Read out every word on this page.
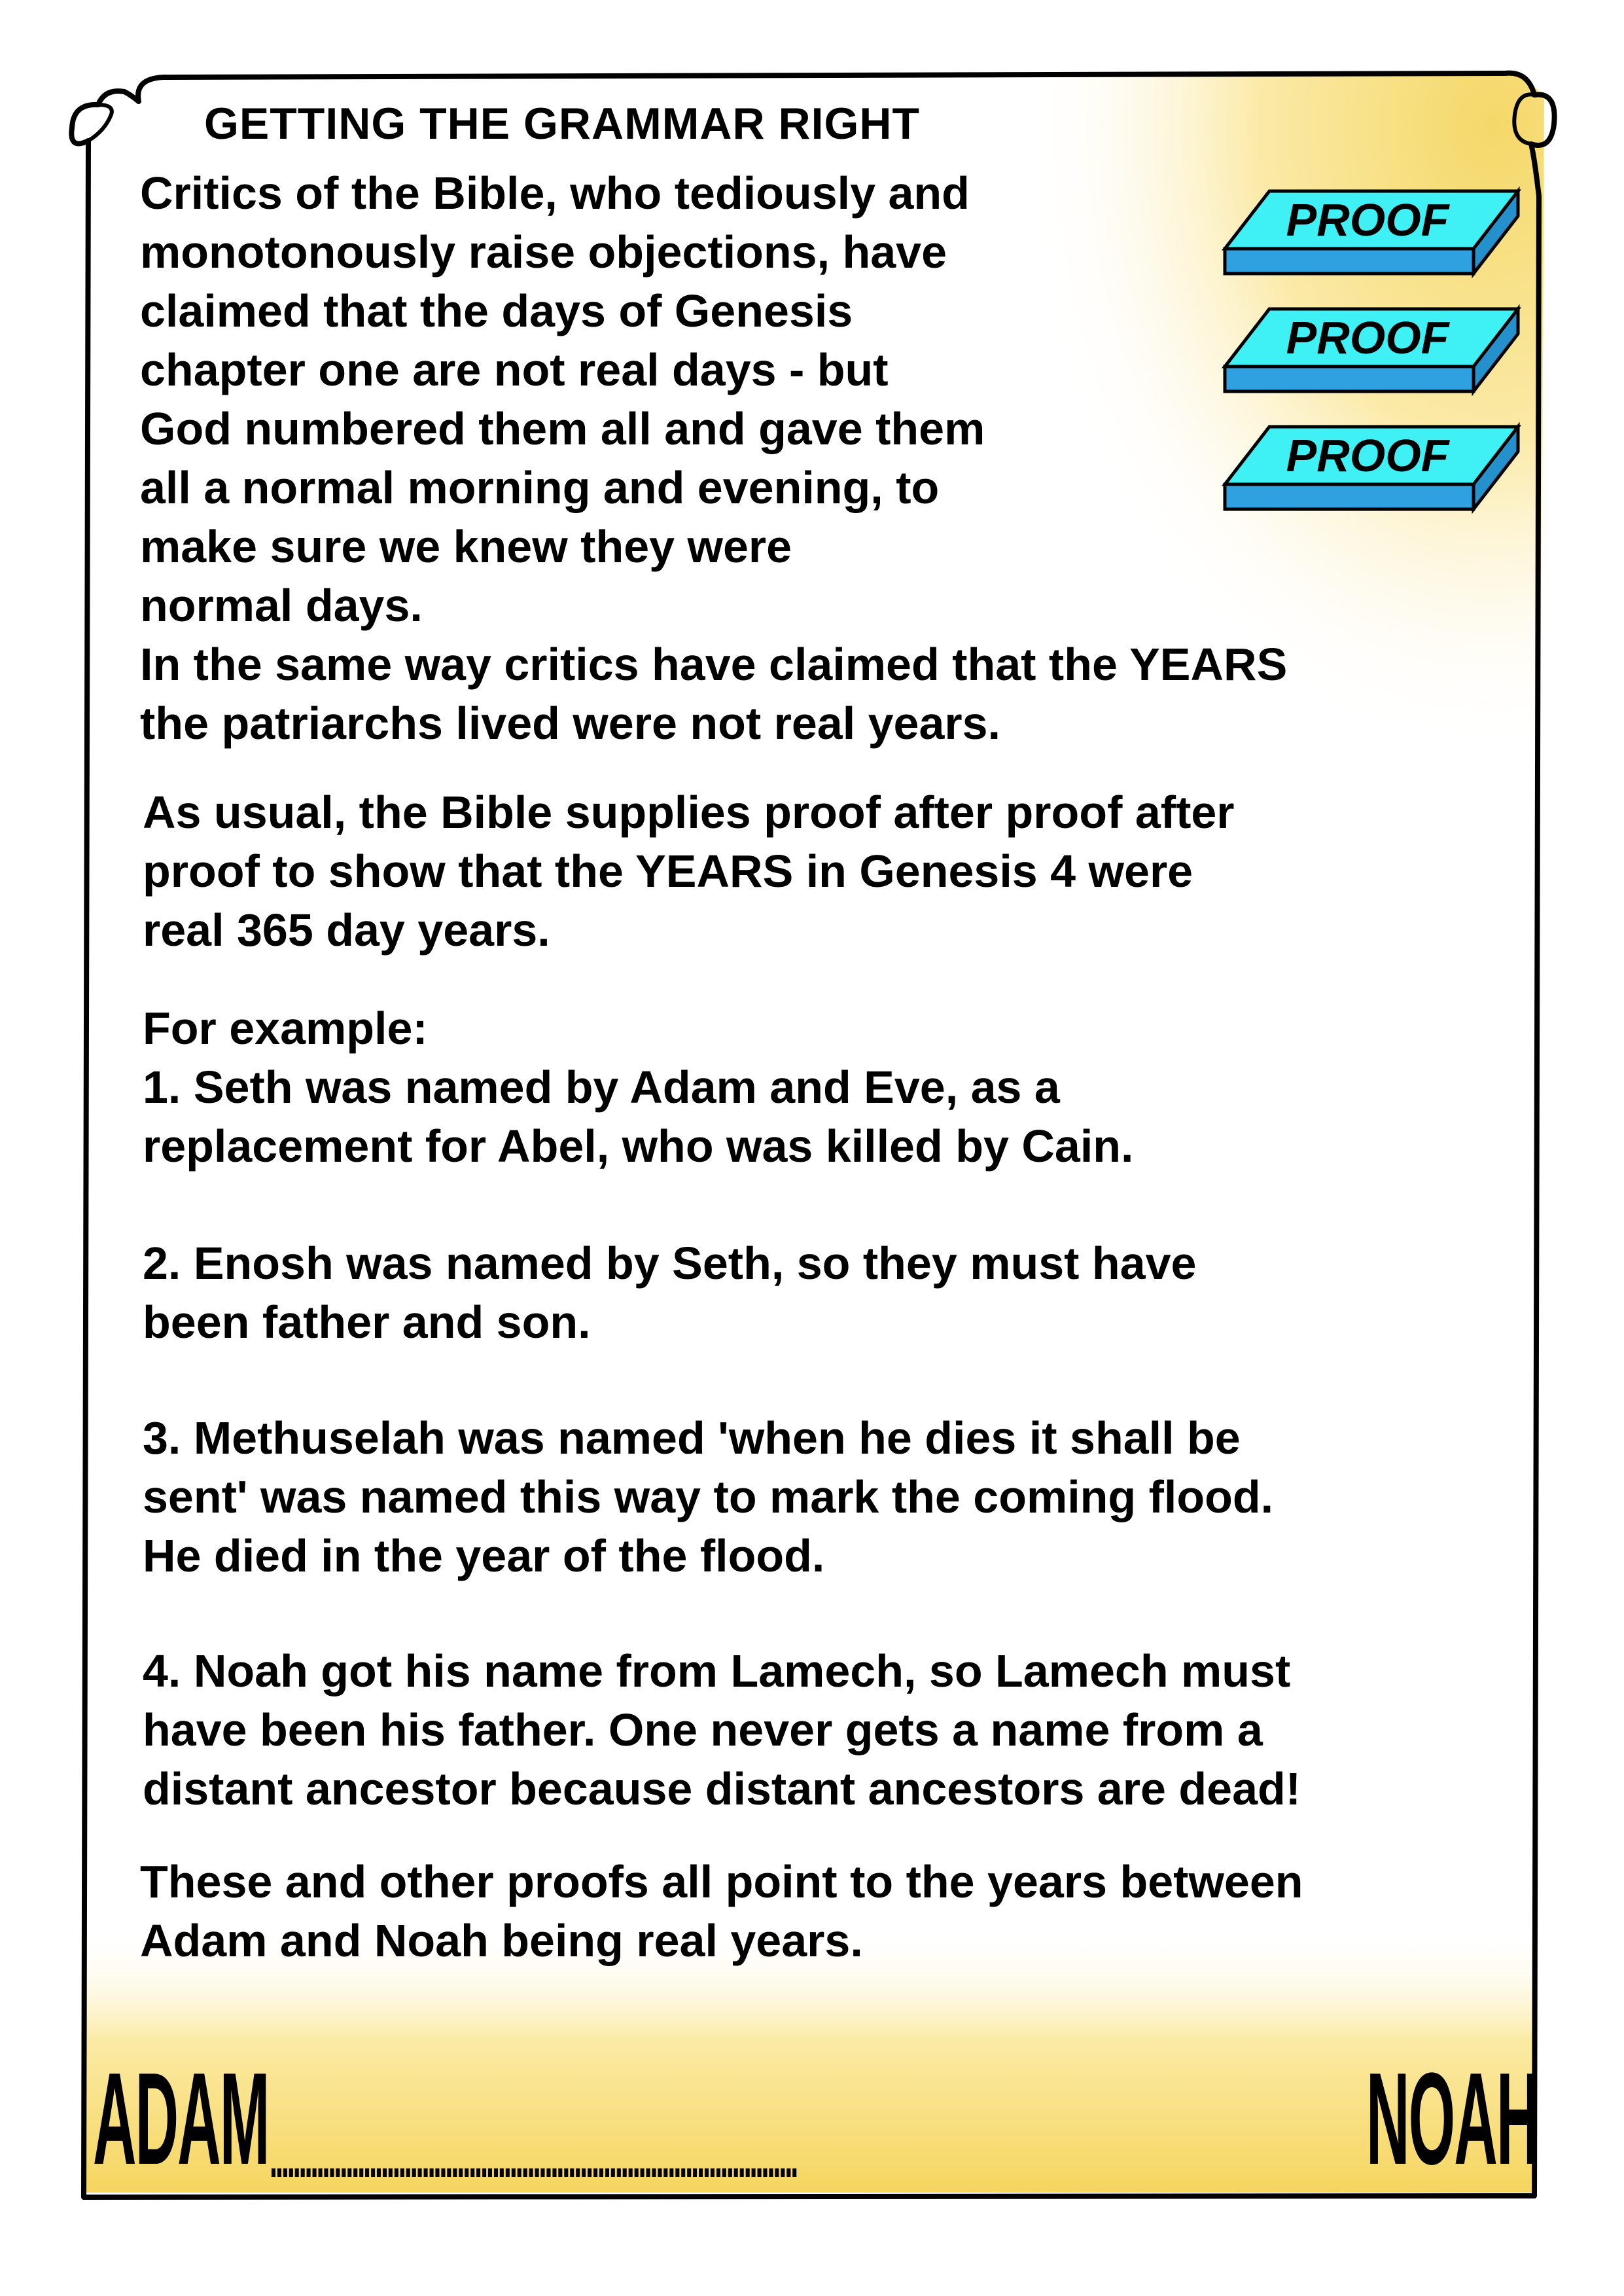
GETTING THE GRAMMAR RIGHT
Critics of the Bible, who tediously and
monotonously raise objections, have
claimed that the days of Genesis
chapter one are not real days - but
God numbered them all and gave them
all a normal morning and evening, to
make sure we knew they were
normal days.
In the same way critics have claimed that the YEARS
the patriarchs lived were not real years.
As usual, the Bible supplies proof after proof after
proof to show that the YEARS in Genesis 4 were
real 365 day years.
For example:
1. Seth was named by Adam and Eve, as a
replacement for Abel, who was killed by Cain.
2. Enosh was named by Seth, so they must have
been father and son.
3. Methuselah was named 'when he dies it shall be
sent' was named this way to mark the coming flood.
He died in the year of the flood.
4. Noah got his name from Lamech, so Lamech must
have been his father. One never gets a name from a
distant ancestor because distant ancestors are dead!
These and other proofs all point to the years between
Adam and Noah being real years.
PROOF
PROOF
PROOF
ADAM ..........................................................................................	NOAH
